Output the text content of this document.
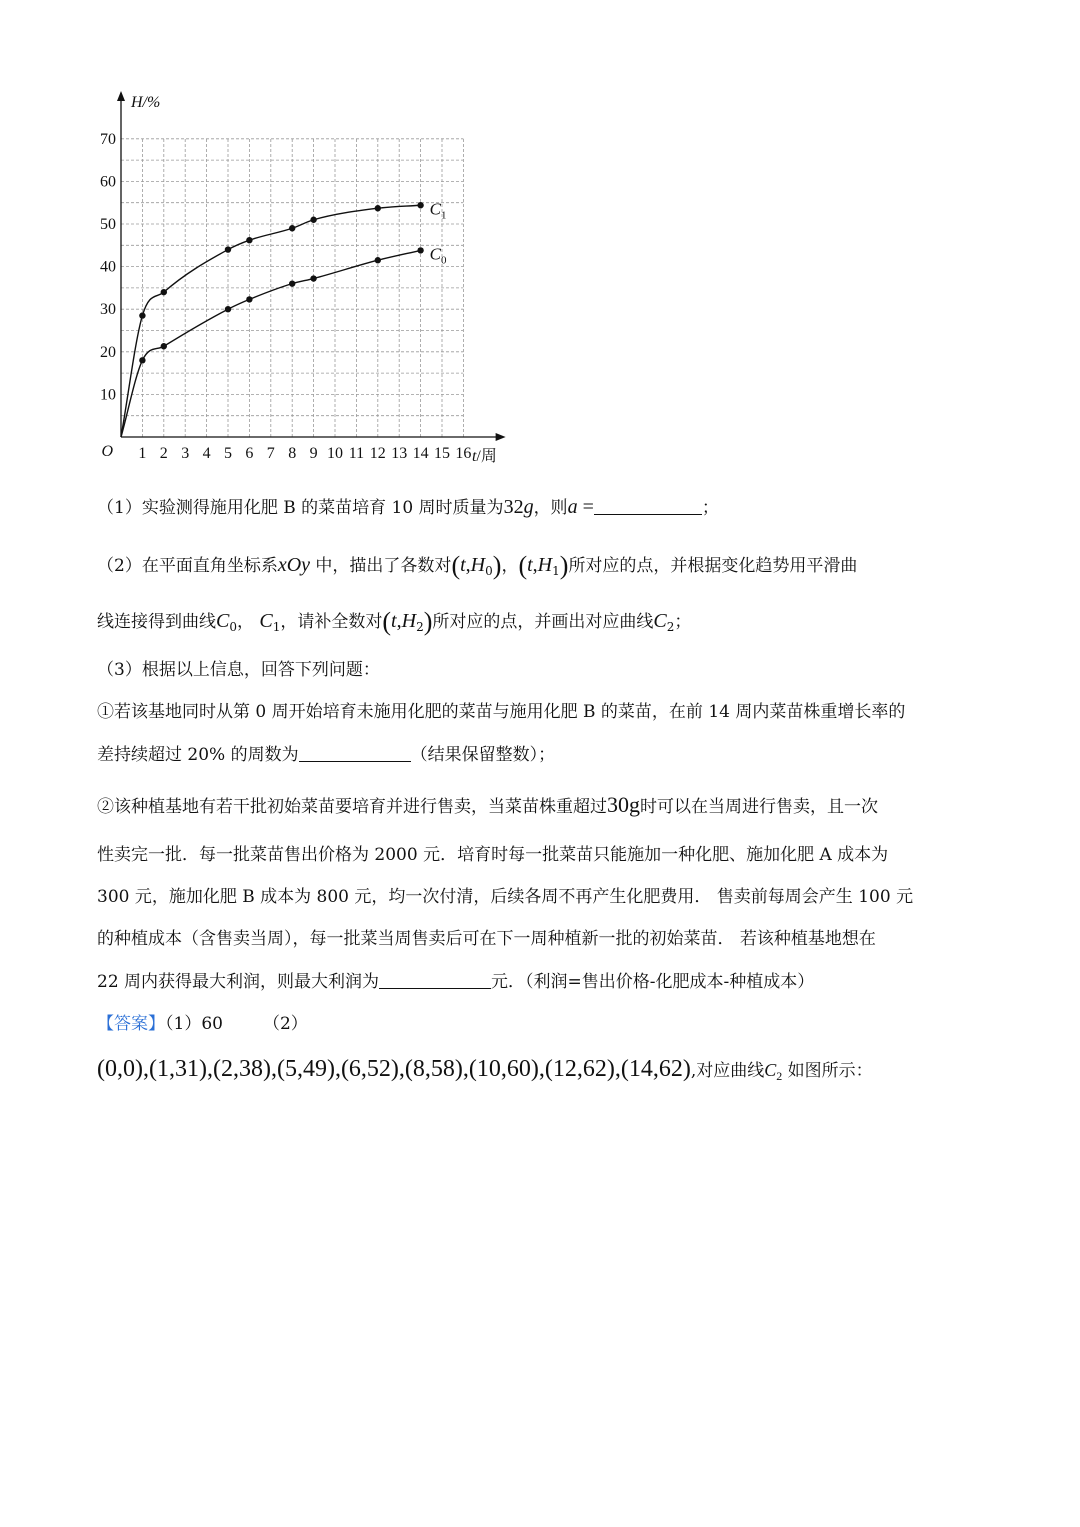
1 2 3 4 5 6 7 8 9 10 11 12 13 14 15 16
10
20
30
40
50
60
70
O
H/%
t/周
$C_1$
$C_0$
（1）实验测得施用化肥 B 的菜苗培育 10 周时质量为32g，则a =	；
（2）在平面直角坐标系xOy 中，描出了各数对$(t,H_0)$，$(t,H_1)$所对应的点，并根据变化趋势用平滑曲
线连接得到曲线$C_0$， $C_1$，请补全数对$(t,H_2)$所对应的点，并画出对应曲线$C_2$；
（3）根据以上信息，回答下列问题：
①若该基地同时从第 0 周开始培育未施用化肥的菜苗与施用化肥 B 的菜苗，在前 14 周内菜苗株重增长率的
差持续超过 20% 的周数为	（结果保留整数）；
②该种植基地有若干批初始菜苗要培育并进行售卖，当菜苗株重超过30g时可以在当周进行售卖，且一次
性卖完一批．每一批菜苗售出价格为 2000 元．培育时每一批菜苗只能施加一种化肥、施加化肥 A 成本为
300 元，施加化肥 B 成本为 800 元，均一次付清，后续各周不再产生化肥费用． 售卖前每周会产生 100 元
的种植成本（含售卖当周），每一批菜当周售卖后可在下一周种植新一批的初始菜苗． 若该种植基地想在
22 周内获得最大利润，则最大利润为	元．（利润=售出价格-化肥成本-种植成本）
【答案】（1）60 （2）
(0,0),(1,31),(2,38),(5,49),(6,52),(8,58),(10,60),(12,62),(14,62),对应曲线$C_2$ 如图所示：
